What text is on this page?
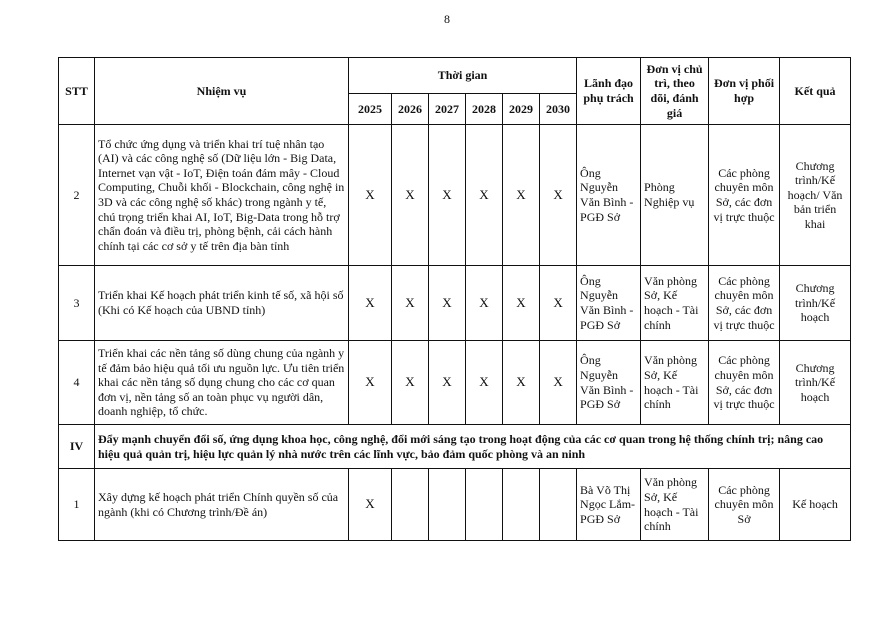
8
STT	Nhiệm vụ	Thời gian						Lãnh đạo phụ trách	Đơn vị chủ trì, theo dõi, đánh giá	Đơn vị phối hợp	Kết quả
		2025	2026	2027	2028	2029	2030				
2	Tổ chức ứng dụng và triển khai trí tuệ nhân tạo (AI) và các công nghệ số (Dữ liệu lớn - Big Data, Internet vạn vật - IoT, Điện toán đám mây - Cloud Computing, Chuỗi khối - Blockchain, công nghệ in 3D và các công nghệ số khác) trong ngành y tế, chú trọng triển khai AI, IoT, Big-Data trong hỗ trợ chẩn đoán và điều trị, phòng bệnh, cải cách hành chính tại các cơ sở y tế trên địa bàn tỉnh	X	X	X	X	X	X	Ông Nguyễn Văn Bình - PGĐ Sở	Phòng Nghiệp vụ	Các phòng chuyên môn Sở, các đơn vị trực thuộc	Chương trình/Kế hoạch/ Văn bản triển khai
3	Triển khai Kế hoạch phát triển kinh tế số, xã hội số (Khi có Kế hoạch của UBND tỉnh)	X	X	X	X	X	X	Ông Nguyễn Văn Bình - PGĐ Sở	Văn phòng Sở, Kế hoạch - Tài chính	Các phòng chuyên môn Sở, các đơn vị trực thuộc	Chương trình/Kế hoạch
4	Triển khai các nền tảng số dùng chung của ngành y tế đảm bảo hiệu quả tối ưu nguồn lực. Ưu tiên triển khai các nền tảng số dụng chung cho các cơ quan đơn vị, nền tảng số an toàn phục vụ người dân, doanh nghiệp, tổ chức.	X	X	X	X	X	X	Ông Nguyễn Văn Bình - PGĐ Sở	Văn phòng Sở, Kế hoạch - Tài chính	Các phòng chuyên môn Sở, các đơn vị trực thuộc	Chương trình/Kế hoạch
IV	Đẩy mạnh chuyển đổi số, ứng dụng khoa học, công nghệ, đổi mới sáng tạo trong hoạt động của các cơ quan trong hệ thống chính trị; nâng cao hiệu quả quản trị, hiệu lực quản lý nhà nước trên các lĩnh vực, bảo đảm quốc phòng và an ninh										
1	Xây dựng kế hoạch phát triển Chính quyền số của ngành (khi có Chương trình/Đề án)	X						Bà Võ Thị Ngọc Lắm- PGĐ Sở	Văn phòng Sở, Kế hoạch - Tài chính	Các phòng chuyên môn Sở	Kế hoạch
